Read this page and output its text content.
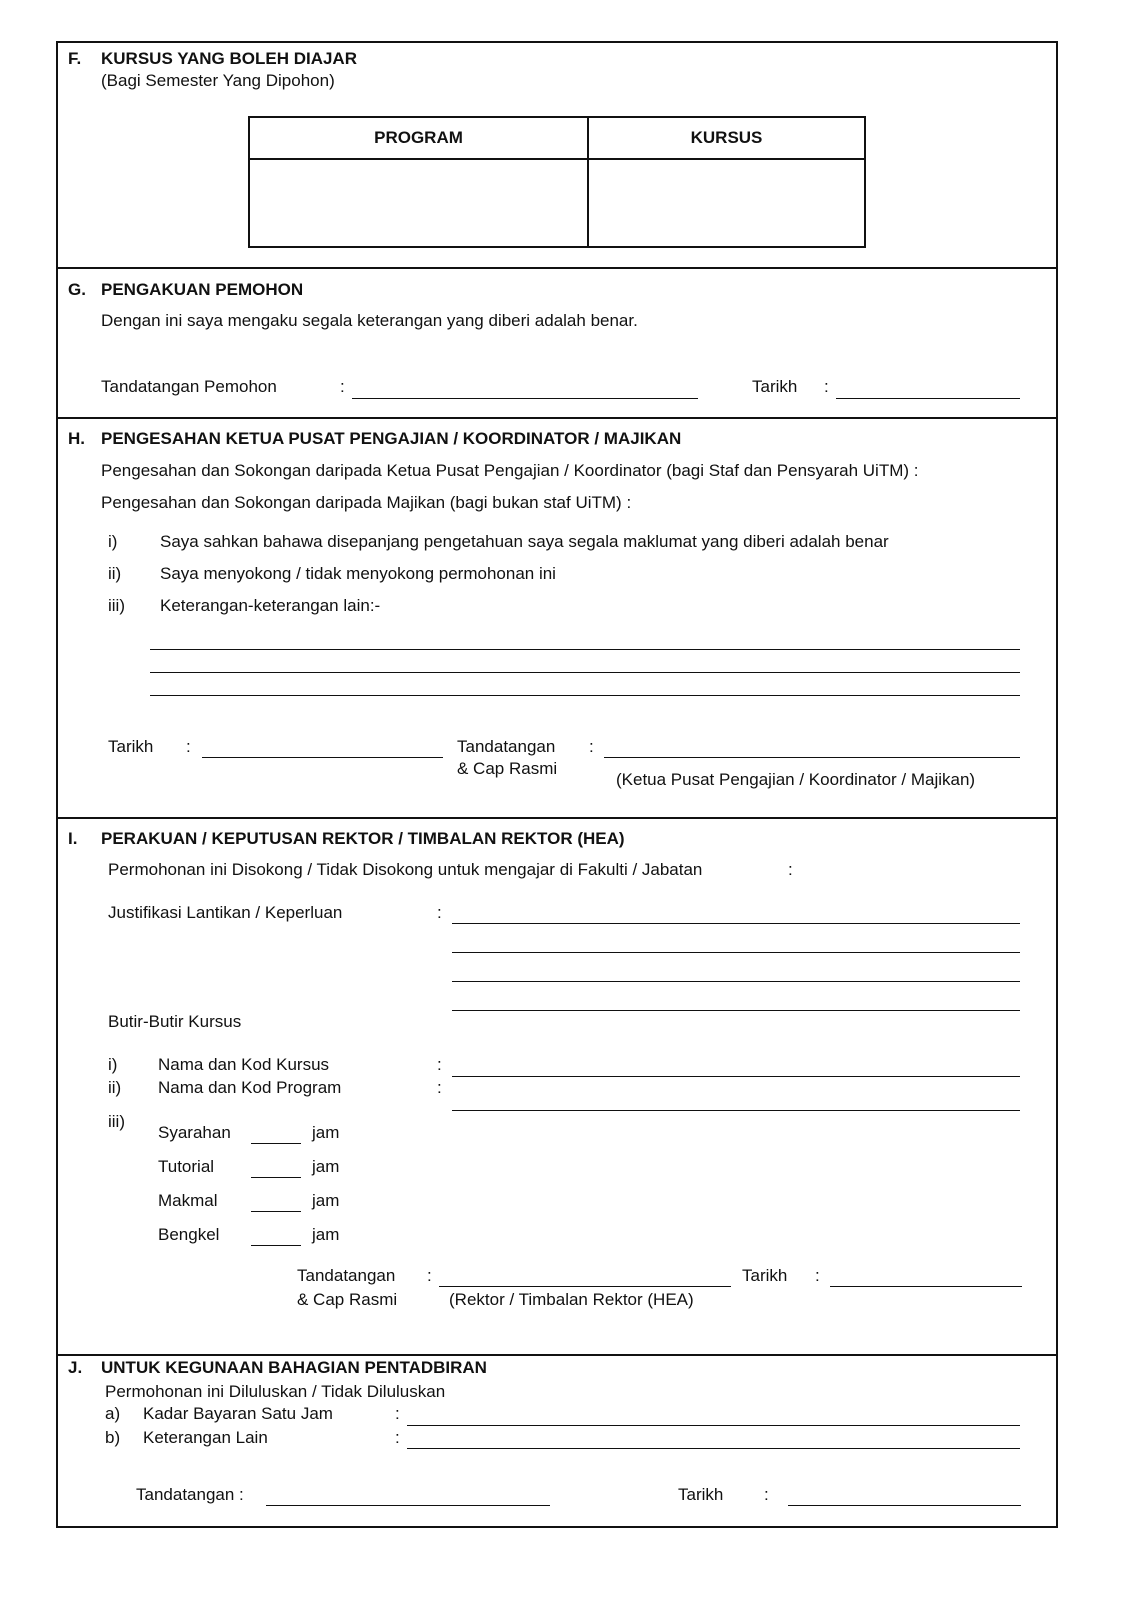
F. KURSUS YANG BOLEH DIAJAR
(Bagi Semester Yang Dipohon)
PROGRAM	KURSUS

G. PENGAKUAN PEMOHON
Dengan ini saya mengaku segala keterangan yang diberi adalah benar.
Tandatangan Pemohon	:	Tarikh :
H. PENGESAHAN KETUA PUSAT PENGAJIAN / KOORDINATOR / MAJIKAN
Pengesahan dan Sokongan daripada Ketua Pusat Pengajian / Koordinator (bagi Staf dan Pensyarah UiTM) :
Pengesahan dan Sokongan daripada Majikan (bagi bukan staf UiTM) :
i)	Saya sahkan bahawa disepanjang pengetahuan saya segala maklumat yang diberi adalah benar
ii) Saya menyokong / tidak menyokong permohonan ini
iii) Keterangan-keterangan lain:-
Tarikh :	Tandatangan
& Cap Rasmi
:
(Ketua Pusat Pengajian / Koordinator / Majikan)
I. PERAKUAN / KEPUTUSAN REKTOR / TIMBALAN REKTOR (HEA)
Permohonan ini Disokong / Tidak Disokong untuk mengajar di Fakulti / Jabatan	:
Justifikasi Lantikan / Keperluan	:
Butir-Butir Kursus
i) Nama dan Kod Kursus	:
ii) Nama dan Kod Program	:
iii)
Syarahan	jam
Tutorial	jam
Makmal	jam
Bengkel	jam
Tandatangan
& Cap Rasmi
:
(Rektor / Timbalan Rektor (HEA)
Tarikh :
J. UNTUK KEGUNAAN BAHAGIAN PENTADBIRAN
Permohonan ini Diluluskan / Tidak Diluluskan
a) Kadar Bayaran Satu Jam	:
b) Keterangan Lain	:
Tandatangan :	Tarikh :
